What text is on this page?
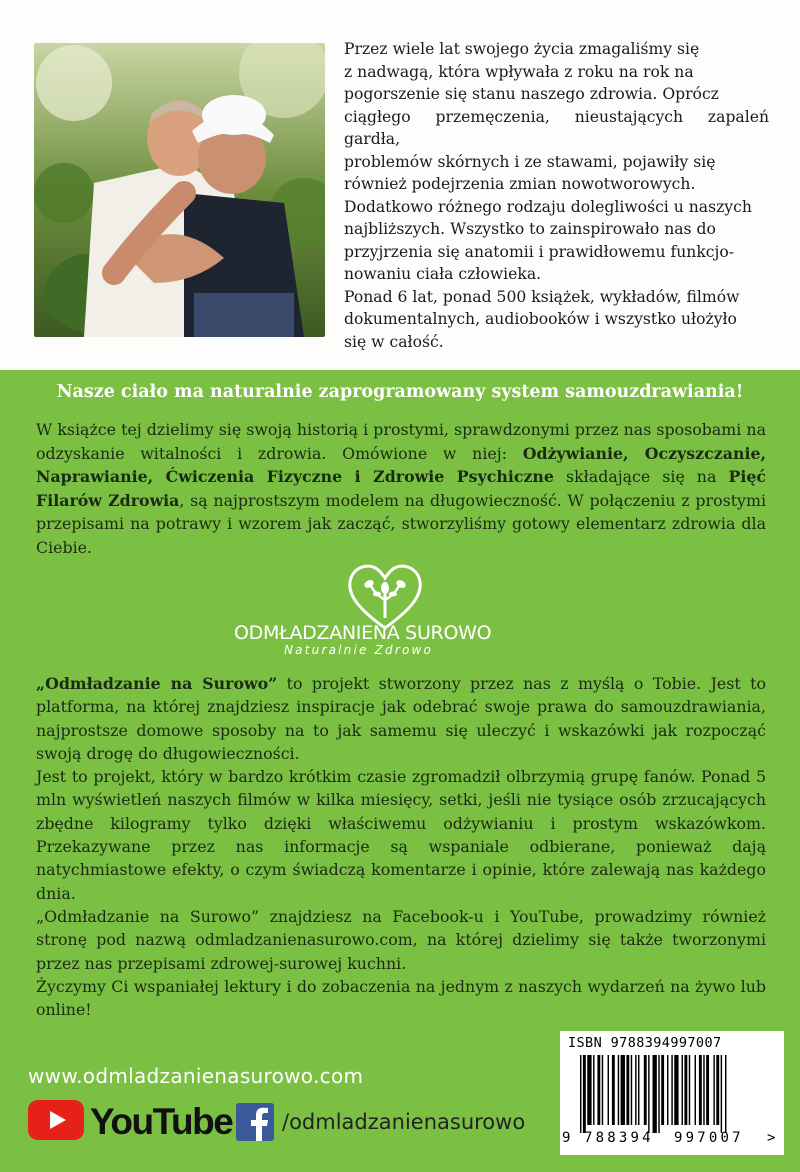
Przez wiele lat swojego życia zmagaliśmy się

z nadwagą, która wpływała z roku na rok na

pogorszenie się stanu naszego zdrowia. Oprócz

ciągłego przemęczenia, nieustających zapaleń gardła,

problemów skórnych i ze stawami, pojawiły się

również podejrzenia zmian nowotworowych.

Dodatkowo różnego rodzaju dolegliwości u naszych

najbliższych. Wszystko to zainspirowało nas do

przyjrzenia się anatomii i prawidłowemu funkcjo-

nowaniu ciała człowieka.

Ponad 6 lat, ponad 500 książek, wykładów, filmów

dokumentalnych, audiobooków i wszystko ułożyło

się w całość.

Nasze ciało ma naturalnie zaprogramowany system samouzdrawiania!
W książce tej dzielimy się swoją historią i prostymi, sprawdzonymi przez nas sposobami na odzyskanie witalności i zdrowia. Omówione w niej: Odżywianie, Oczyszczanie, Naprawianie, Ćwiczenia Fizyczne i Zdrowie Psychiczne składające się na Pięć Filarów Zdrowia, są najprostszym modelem na długowieczność. W połączeniu z prostymi przepisami na potrawy i wzorem jak zacząć, stworzyliśmy gotowy elementarz zdrowia dla Ciebie.
ODMŁADZANIENA SUROWO
Naturalnie Zdrowo

„Odmładzanie na Surowo” to projekt stworzony przez nas z myślą o Tobie. Jest to platforma, na której znajdziesz inspiracje jak odebrać swoje prawa do samouzdrawiania, najprostsze domowe sposoby na to jak samemu się uleczyć i wskazówki jak rozpocząć swoją drogę do długowieczności.

Jest to projekt, który w bardzo krótkim czasie zgromadził olbrzymią grupę fanów. Ponad 5 mln wyświetleń naszych filmów w kilka miesięcy, setki, jeśli nie tysiące osób zrzucających zbędne kilogramy tylko dzięki właściwemu odżywianiu i prostym wskazówkom. Przekazywane przez nas informacje są wspaniale odbierane, ponieważ dają natychmiastowe efekty, o czym świadczą komentarze i opinie, które zalewają nas każdego dnia.

„Odmładzanie na Surowo” znajdziesz na Facebook-u i YouTube, prowadzimy również stronę pod nazwą odmladzanienasurowo.com, na której dzielimy się także tworzonymi przez nas przepisami zdrowej-surowej kuchni.

Życzymy Ci wspaniałej lektury i do zobaczenia na jednym z naszych wydarzeń na żywo lub online!

www.odmladzanienasurowo.com
YouTube /odmladzanienasurowo
ISBN 9788394997007
9 788394 997007 >
